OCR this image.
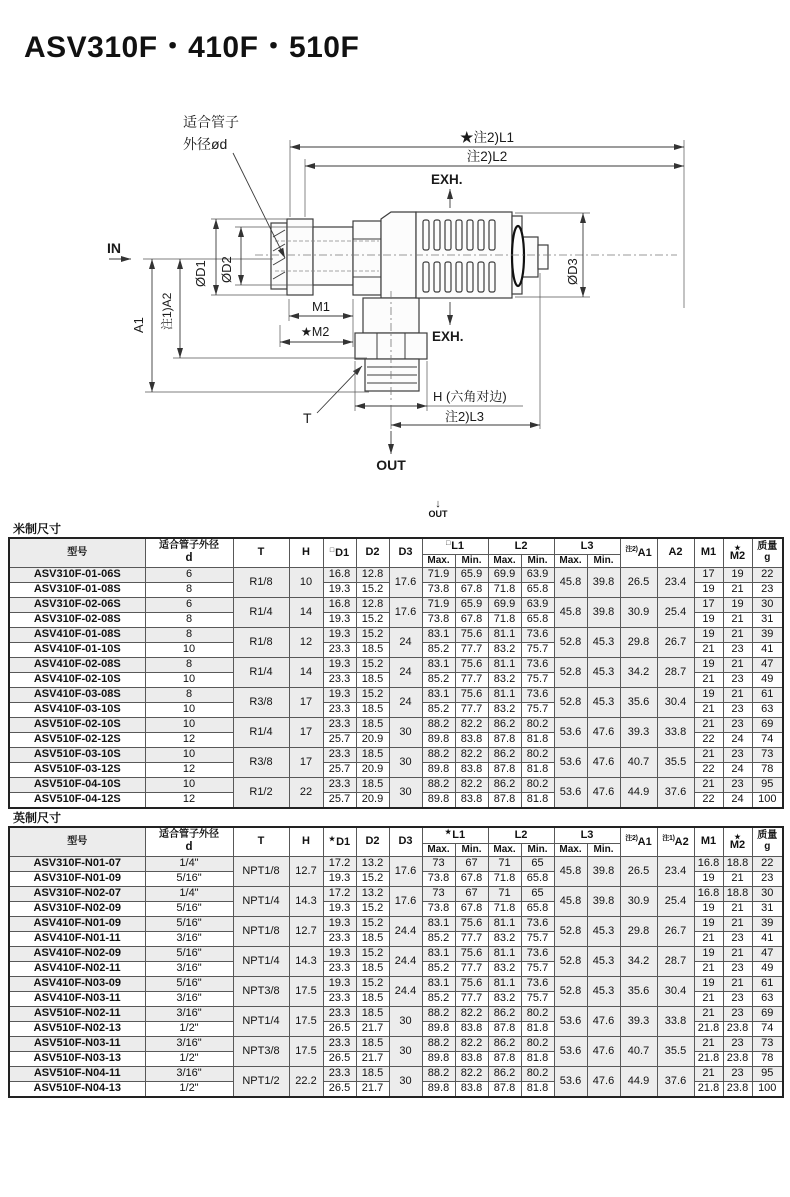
ASV310F・410F・510F
适合管子
外径ød	★注2)L1
注2)L2
EXH.
EXH.
IN
OUT
ØD1 ØD2	ØD3
A1 注1)A2	M1
★M2
T
H (六角对边)
注2)L3
米制尺寸
↓
OUT
型号	适合管子外径
d	T	H	□D1	D2	D3	□L1		L2		L3		$^{注2)}$A1	A2	M1	★
M2	质量
g
							Max.	Min.	Max.	Min.	Max.	Min.					
ASV310F-01-06S	6	R1/8	10	16.8	12.8	17.6	71.9	65.9	69.9	63.9	45.8	39.8	26.5	23.4	17	19	22
ASV310F-01-08S	8			19.3	15.2		73.8	67.8	71.8	65.8					19	21	23
ASV310F-02-06S	6	R1/4	14	16.8	12.8	17.6	71.9	65.9	69.9	63.9	45.8	39.8	30.9	25.4	17	19	30
ASV310F-02-08S	8			19.3	15.2		73.8	67.8	71.8	65.8					19	21	31
ASV410F-01-08S	8	R1/8	12	19.3	15.2	24	83.1	75.6	81.1	73.6	52.8	45.3	29.8	26.7	19	21	39
ASV410F-01-10S	10			23.3	18.5		85.2	77.7	83.2	75.7					21	23	41
ASV410F-02-08S	8	R1/4	14	19.3	15.2	24	83.1	75.6	81.1	73.6	52.8	45.3	34.2	28.7	19	21	47
ASV410F-02-10S	10			23.3	18.5		85.2	77.7	83.2	75.7					21	23	49
ASV410F-03-08S	8	R3/8	17	19.3	15.2	24	83.1	75.6	81.1	73.6	52.8	45.3	35.6	30.4	19	21	61
ASV410F-03-10S	10			23.3	18.5		85.2	77.7	83.2	75.7					21	23	63
ASV510F-02-10S	10	R1/4	17	23.3	18.5	30	88.2	82.2	86.2	80.2	53.6	47.6	39.3	33.8	21	23	69
ASV510F-02-12S	12			25.7	20.9		89.8	83.8	87.8	81.8					22	24	74
ASV510F-03-10S	10	R3/8	17	23.3	18.5	30	88.2	82.2	86.2	80.2	53.6	47.6	40.7	35.5	21	23	73
ASV510F-03-12S	12			25.7	20.9		89.8	83.8	87.8	81.8					22	24	78
ASV510F-04-10S	10	R1/2	22	23.3	18.5	30	88.2	82.2	86.2	80.2	53.6	47.6	44.9	37.6	21	23	95
ASV510F-04-12S	12			25.7	20.9		89.8	83.8	87.8	81.8					22	24	100
英制尺寸
型号	适合管子外径
d	T	H	★D1	D2	D3	★L1		L2		L3		$^{注2)}$A1	$^{注1)}$A2	M1	★
M2	质量
g
							Max.	Min.	Max.	Min.	Max.	Min.					
ASV310F-N01-07	1/4"	NPT1/8	12.7	17.2	13.2	17.6	73	67	71	65	45.8	39.8	26.5	23.4	16.8	18.8	22
ASV310F-N01-09	5/16"			19.3	15.2		73.8	67.8	71.8	65.8					19	21	23
ASV310F-N02-07	1/4"	NPT1/4	14.3	17.2	13.2	17.6	73	67	71	65	45.8	39.8	30.9	25.4	16.8	18.8	30
ASV310F-N02-09	5/16"			19.3	15.2		73.8	67.8	71.8	65.8					19	21	31
ASV410F-N01-09	5/16"	NPT1/8	12.7	19.3	15.2	24.4	83.1	75.6	81.1	73.6	52.8	45.3	29.8	26.7	19	21	39
ASV410F-N01-11	3/16"			23.3	18.5		85.2	77.7	83.2	75.7					21	23	41
ASV410F-N02-09	5/16"	NPT1/4	14.3	19.3	15.2	24.4	83.1	75.6	81.1	73.6	52.8	45.3	34.2	28.7	19	21	47
ASV410F-N02-11	3/16"			23.3	18.5		85.2	77.7	83.2	75.7					21	23	49
ASV410F-N03-09	5/16"	NPT3/8	17.5	19.3	15.2	24.4	83.1	75.6	81.1	73.6	52.8	45.3	35.6	30.4	19	21	61
ASV410F-N03-11	3/16"			23.3	18.5		85.2	77.7	83.2	75.7					21	23	63
ASV510F-N02-11	3/16"	NPT1/4	17.5	23.3	18.5	30	88.2	82.2	86.2	80.2	53.6	47.6	39.3	33.8	21	23	69
ASV510F-N02-13	1/2"			26.5	21.7		89.8	83.8	87.8	81.8					21.8	23.8	74
ASV510F-N03-11	3/16"	NPT3/8	17.5	23.3	18.5	30	88.2	82.2	86.2	80.2	53.6	47.6	40.7	35.5	21	23	73
ASV510F-N03-13	1/2"			26.5	21.7		89.8	83.8	87.8	81.8					21.8	23.8	78
ASV510F-N04-11	3/16"	NPT1/2	22.2	23.3	18.5	30	88.2	82.2	86.2	80.2	53.6	47.6	44.9	37.6	21	23	95
ASV510F-N04-13	1/2"			26.5	21.7		89.8	83.8	87.8	81.8					21.8	23.8	100
